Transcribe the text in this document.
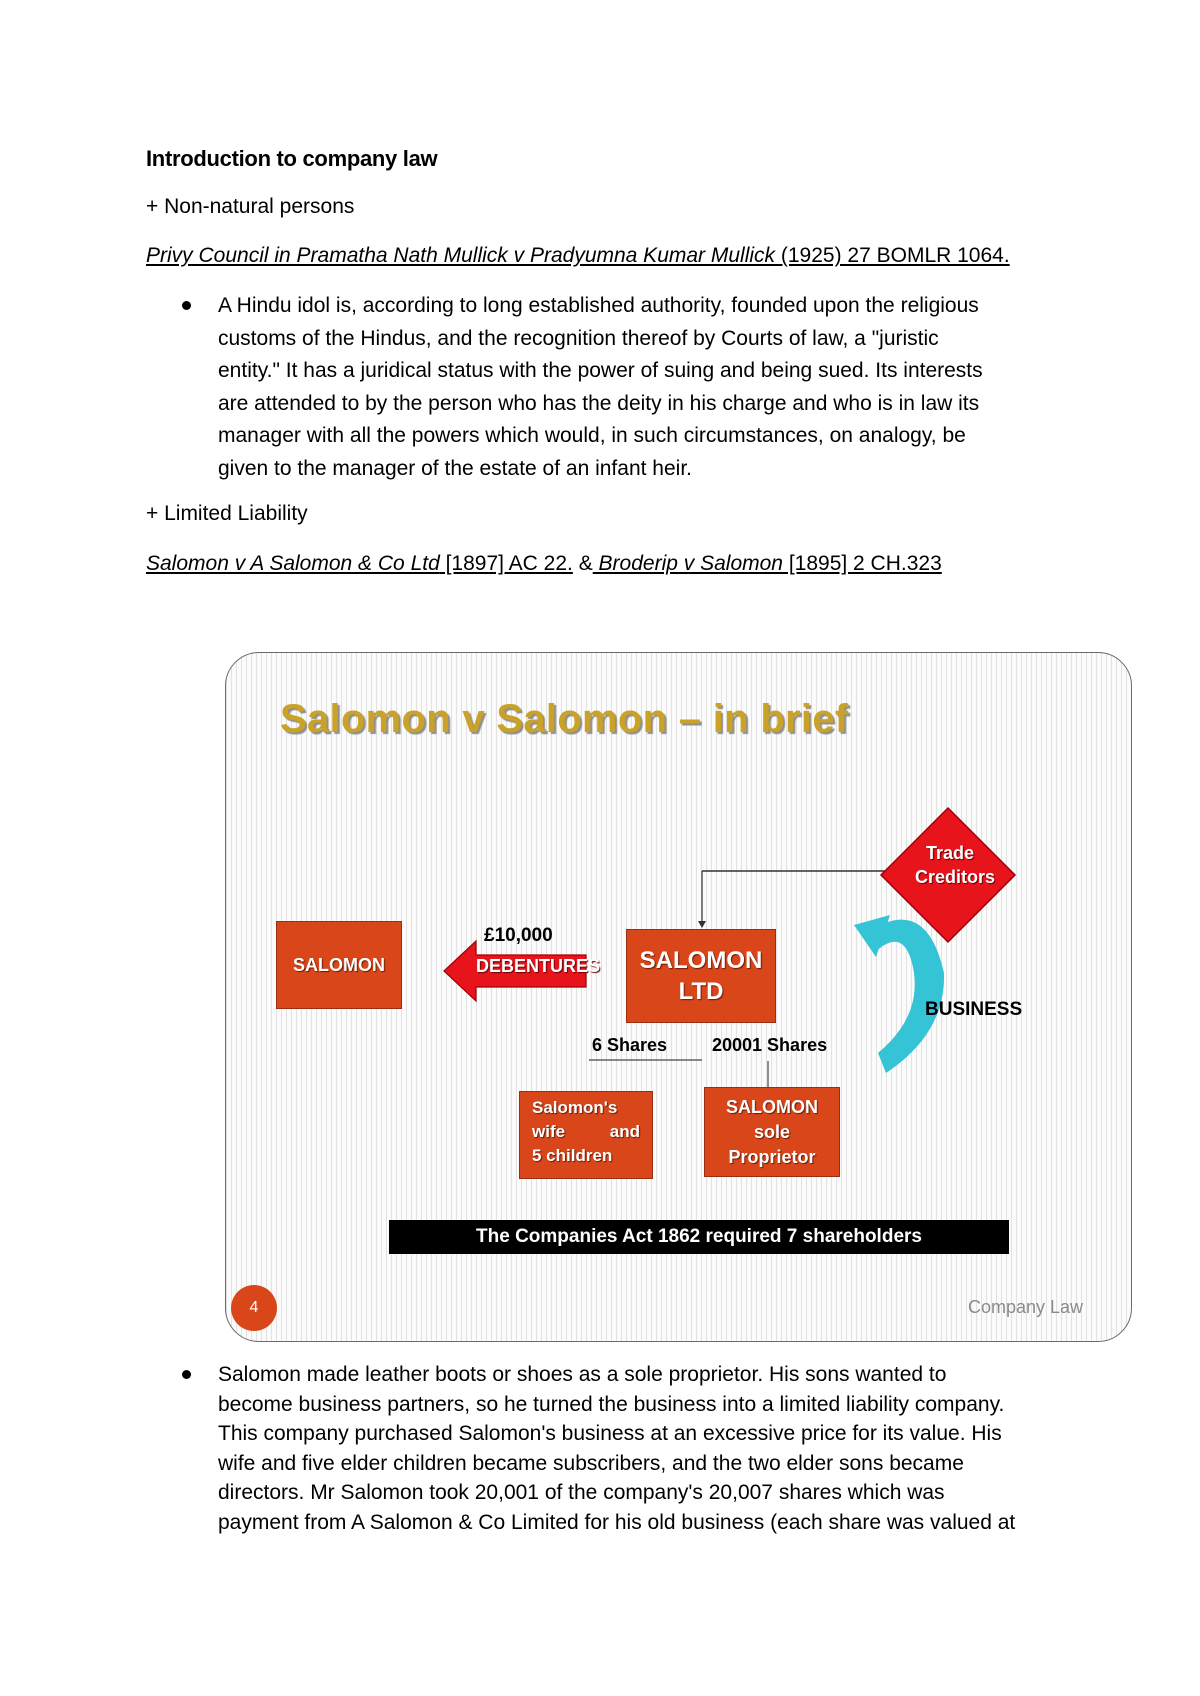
Introduction to company law
+ Non-natural persons
Privy Council in Pramatha Nath Mullick v Pradyumna Kumar Mullick (1925) 27 BOMLR 1064.
A Hindu idol is, according to long established authority, founded upon the religious
customs of the Hindus, and the recognition thereof by Courts of law, a "juristic
entity." It has a juridical status with the power of suing and being sued. Its interests
are attended to by the person who has the deity in his charge and who is in law its
manager with all the powers which would, in such circumstances, on analogy, be
given to the manager of the estate of an infant heir.
+ Limited Liability
Salomon v A Salomon & Co Ltd [1897] AC 22. & Broderip v Salomon [1895] 2 CH.323
Salomon v Salomon – in brief
SALOMON
£10,000
DEBENTURES SALOMON
LTD
Trade
Creditors
BUSINESS
6 Shares 20001 Shares
Salomon's
wife	and
5 children
SALOMON
sole
Proprietor
The Companies Act 1862 required 7 shareholders
4	Company Law
Salomon made leather boots or shoes as a sole proprietor. His sons wanted to
become business partners, so he turned the business into a limited liability company.
This company purchased Salomon's business at an excessive price for its value. His
wife and five elder children became subscribers, and the two elder sons became
directors. Mr Salomon took 20,001 of the company's 20,007 shares which was
payment from A Salomon & Co Limited for his old business (each share was valued at
